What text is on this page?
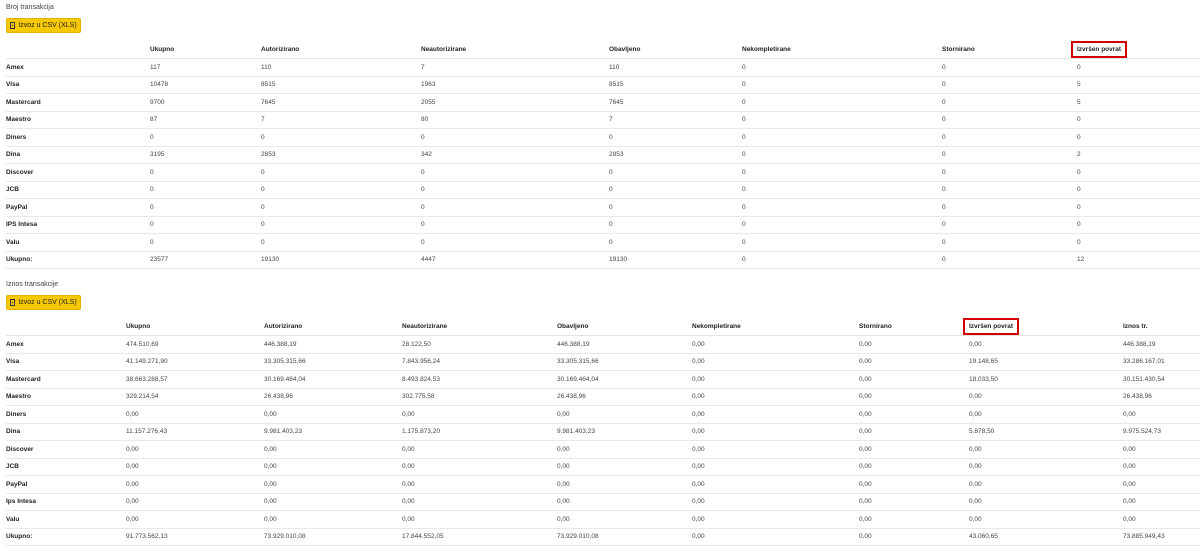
Broj transakcija
Izvoz u CSV (XLS)
	Ukupno	Autorizirano	Neautorizirane	Obavljeno	Nekompletirane	Stornirano	Izvršen povrat
Amex	117	110	7	110	0	0	0
Visa	10478	8515	1963	8515	0	0	5
Mastercard	9700	7645	2055	7645	0	0	5
Maestro	87	7	80	7	0	0	0
Diners	0	0	0	0	0	0	0
Dina	3195	2853	342	2853	0	0	2
Discover	0	0	0	0	0	0	0
JCB	0	0	0	0	0	0	0
PayPal	0	0	0	0	0	0	0
IPS Intesa	0	0	0	0	0	0	0
Valu	0	0	0	0	0	0	0
Ukupno:	23577	19130	4447	19130	0	0	12
Iznos transakcije
Izvoz u CSV (XLS)
	Ukupno	Autorizirano	Neautorizirane	Obavljeno	Nekompletirane	Stornirano	Izvršen povrat	Iznos tr.
Amex	474.510,69	446.388,19	28.122,50	446.388,19	0,00	0,00	0,00	446.388,19
Visa	41.149.271,90	33.305.315,66	7.843.956,24	33.305.315,66	0,00	0,00	19.148,65	33.286.167,01
Mastercard	38.663.288,57	30.169.464,04	8.493.824,53	30.169.464,04	0,00	0,00	18.033,50	30.151.430,54
Maestro	329.214,54	26.438,96	302.775,58	26.438,96	0,00	0,00	0,00	26.438,96
Diners	0,00	0,00	0,00	0,00	0,00	0,00	0,00	0,00
Dina	11.157.276,43	9.981.403,23	1.175.873,20	9.981.403,23	0,00	0,00	5.878,50	9.975.524,73
Discover	0,00	0,00	0,00	0,00	0,00	0,00	0,00	0,00
JCB	0,00	0,00	0,00	0,00	0,00	0,00	0,00	0,00
PayPal	0,00	0,00	0,00	0,00	0,00	0,00	0,00	0,00
Ips Intesa	0,00	0,00	0,00	0,00	0,00	0,00	0,00	0,00
Valu	0,00	0,00	0,00	0,00	0,00	0,00	0,00	0,00
Ukupno:	91.773.562,13	73.929.010,08	17.844.552,05	73.929.010,08	0,00	0,00	43.060,65	73.885.949,43
